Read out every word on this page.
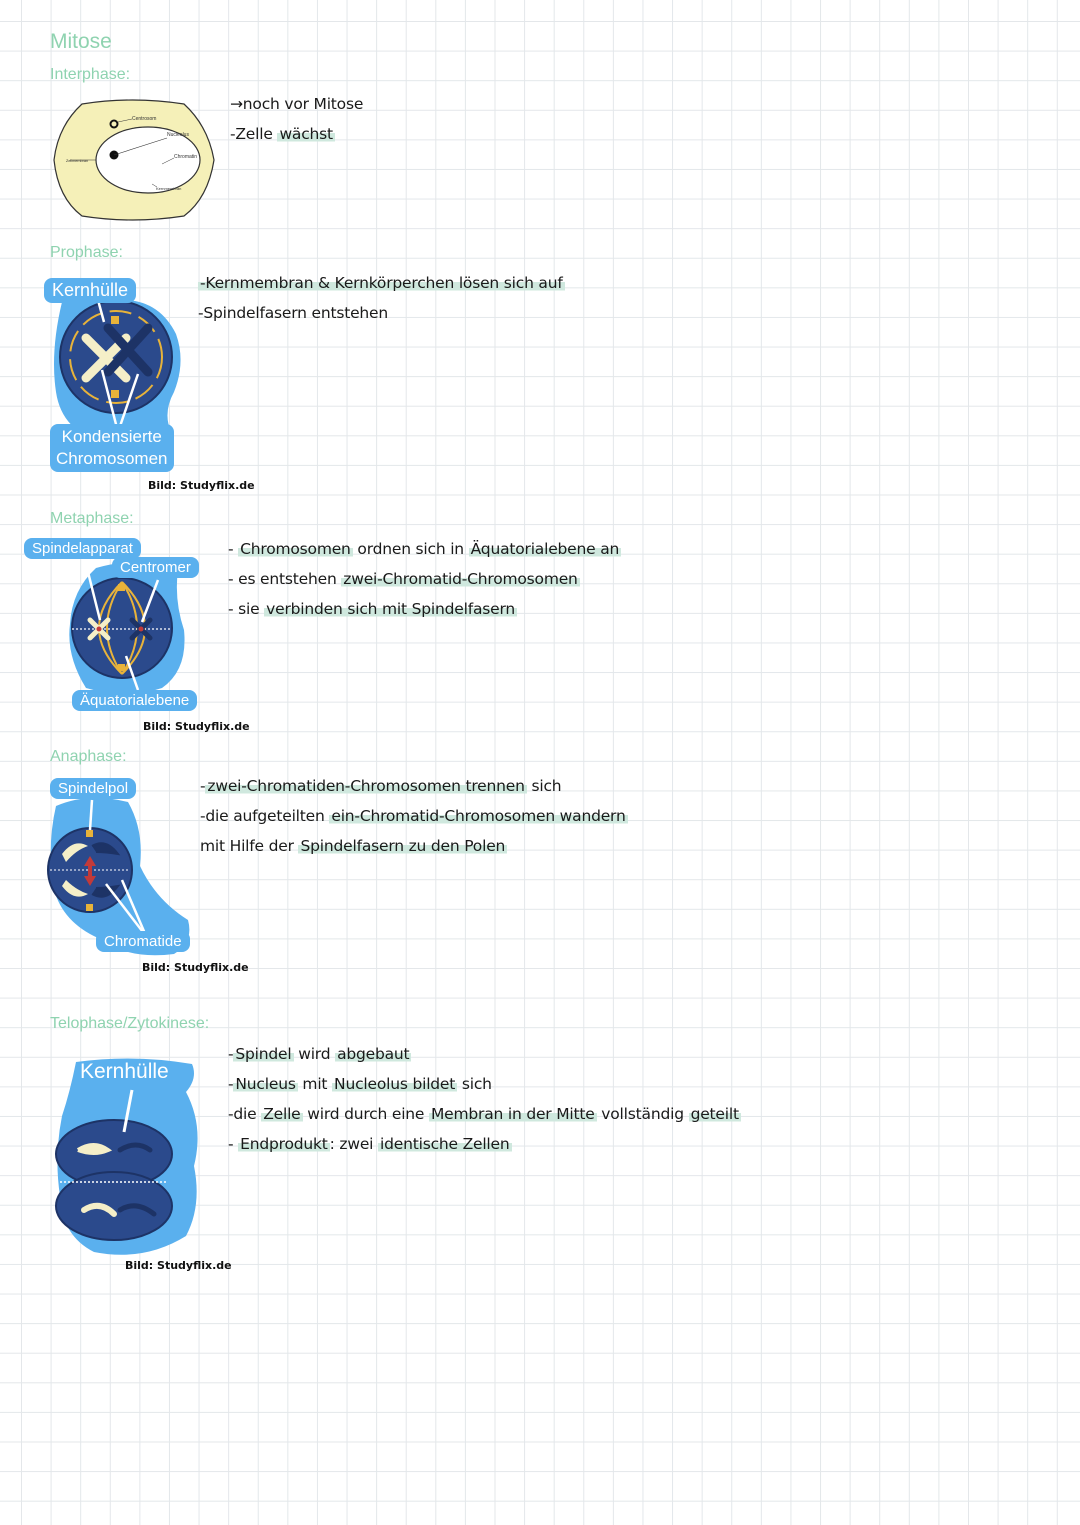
Mitose
Interphase:
Centrosom
Nucleolus
Chromatin
Zellmembran
Kernmembran
→noch vor Mitose
-Zelle wächst
Prophase:
Kernhülle
Kondensierte
Chromosomen
Bild: Studyflix.de
-Kernmembran & Kernkörperchen lösen sich auf
-Spindelfasern entstehen
Metaphase:
Spindelapparat
Centromer
Äquatorialebene
Bild: Studyflix.de
- Chromosomen ordnen sich in Äquatorialebene an
- es entstehen zwei-Chromatid-Chromosomen
- sie verbinden sich mit Spindelfasern
Anaphase:
Spindelpol
Chromatide
Bild: Studyflix.de
- zwei-Chromatiden-Chromosomen trennen sich
-die aufgeteilten ein-Chromatid-Chromosomen wandern
mit Hilfe der Spindelfasern zu den Polen
Telophase/Zytokinese:
Kernhülle
Bild: Studyflix.de
- Spindel wird abgebaut
- Nucleus mit Nucleolus bildet sich
-die Zelle wird durch eine Membran in der Mitte vollständig geteilt
- Endprodukt : zwei identische Zellen
